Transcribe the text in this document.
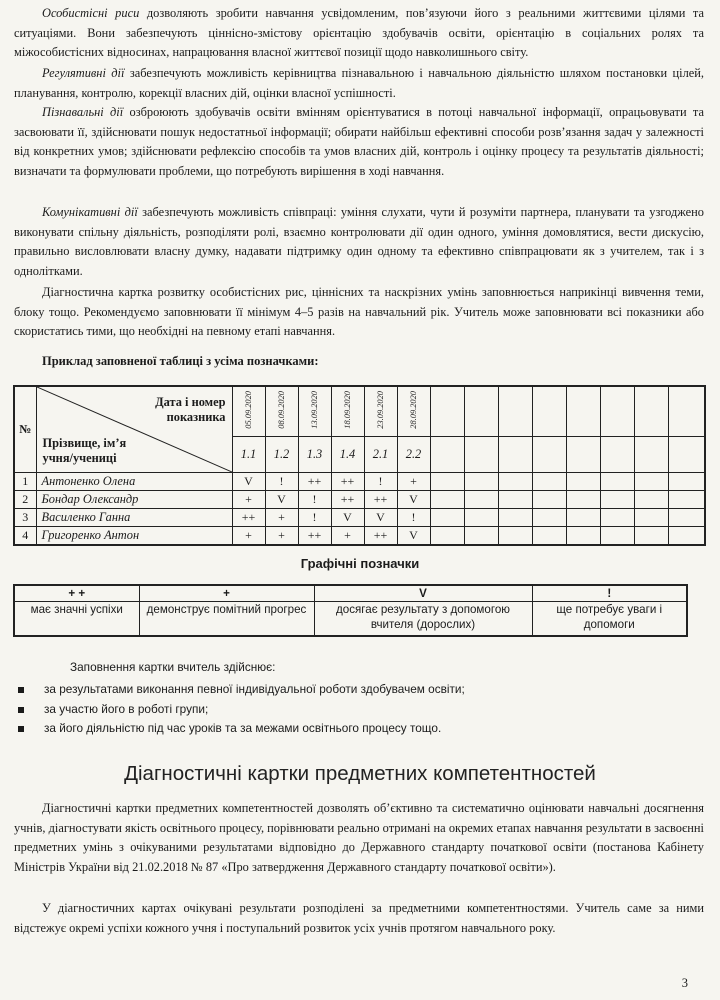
Особистісні риси дозволяють зробити навчання усвідомленим, пов’язуючи його з реальними життєвими цілями та ситуаціями. Вони забезпечують ціннісно-змістову орієнтацію здобувачів освіти, орієнтацію в соціальних ролях та міжособистісних відносинах, напрацювання власної життєвої позиції щодо навколишнього світу.

Регулятивні дії забезпечують можливість керівництва пізнавальною і навчальною діяльністю шляхом постановки цілей, планування, контролю, корекції власних дій, оцінки власної успішності.

Пізнавальні дії озброюють здобувачів освіти вмінням орієнтуватися в потоці навчальної інформації, опрацьовувати та засвоювати її, здійснювати пошук недостатньої інформації; обирати найбільш ефективні способи розв’язання задач у залежності від конкретних умов; здійснювати рефлексію способів та умов власних дій, контроль і оцінку процесу та результатів діяльності; визначати та формулювати проблеми, що потребують вирішення в ході навчання.

Комунікативні дії забезпечують можливість співпраці: уміння слухати, чути й розуміти партнера, планувати та узгоджено виконувати спільну діяльність, розподіляти ролі, взаємно контролювати дії один одного, уміння домовлятися, вести дискусію, правильно висловлювати власну думку, надавати підтримку один одному та ефективно співпрацювати як з учителем, так і з однолітками.

Діагностична картка розвитку особистісних рис, ціннісних та наскрізних умінь заповнюється наприкінці вивчення теми, блоку тощо. Рекомендуємо заповнювати її мінімум 4–5 разів на навчальний рік. Учитель може заповнювати всі показники або скористатись тими, що необхідні на певному етапі навчання.

Приклад заповненої таблиці з усіма позначками:

№	Дата і номер показника
Прізвище, ім’я учня/учениці	05.09.2020	08.09.2020	13.09.2020	18.09.2020	23.09.2020	28.09.2020								
		1.1	1.2	1.3	1.4	2.1	2.2								
1	Антоненко Олена	V	!	++	++	!	+								
2	Бондар Олександр	+	V	!	++	++	V								
3	Василенко Ганна	++	+	!	V	V	!								
4	Григоренко Антон	+	+	++	+	++	V								

Графічні позначки

+ +	+	V	!
має значні успіхи	демонструє помітний прогрес	досягає результату з допомогою вчителя (дорослих)	ще потребує уваги і допомоги

Заповнення картки вчитель здійснює:

за результатами виконання певної індивідуальної роботи здобувачем освіти;
за участю його в роботі групи;
за його діяльністю під час уроків та за межами освітнього процесу тощо.
Діагностичні картки предметних компетентностей

Діагностичні картки предметних компетентностей дозволять об’єктивно та систематично оцінювати навчальні досягнення учнів, діагностувати якість освітнього процесу, порівнювати реально отримані на окремих етапах навчання результати в засвоєнні предметних умінь з очікуваними результатами відповідно до Державного стандарту початкової освіти (постанова Кабінету Міністрів України від 21.02.2018 № 87 «Про затвердження Державного стандарту початкової освіти»).

У діагностичних картах очікувані результати розподілені за предметними компетентностями. Учитель саме за ними відстежує окремі успіхи кожного учня і поступальний розвиток усіх учнів протягом навчального року.

3
